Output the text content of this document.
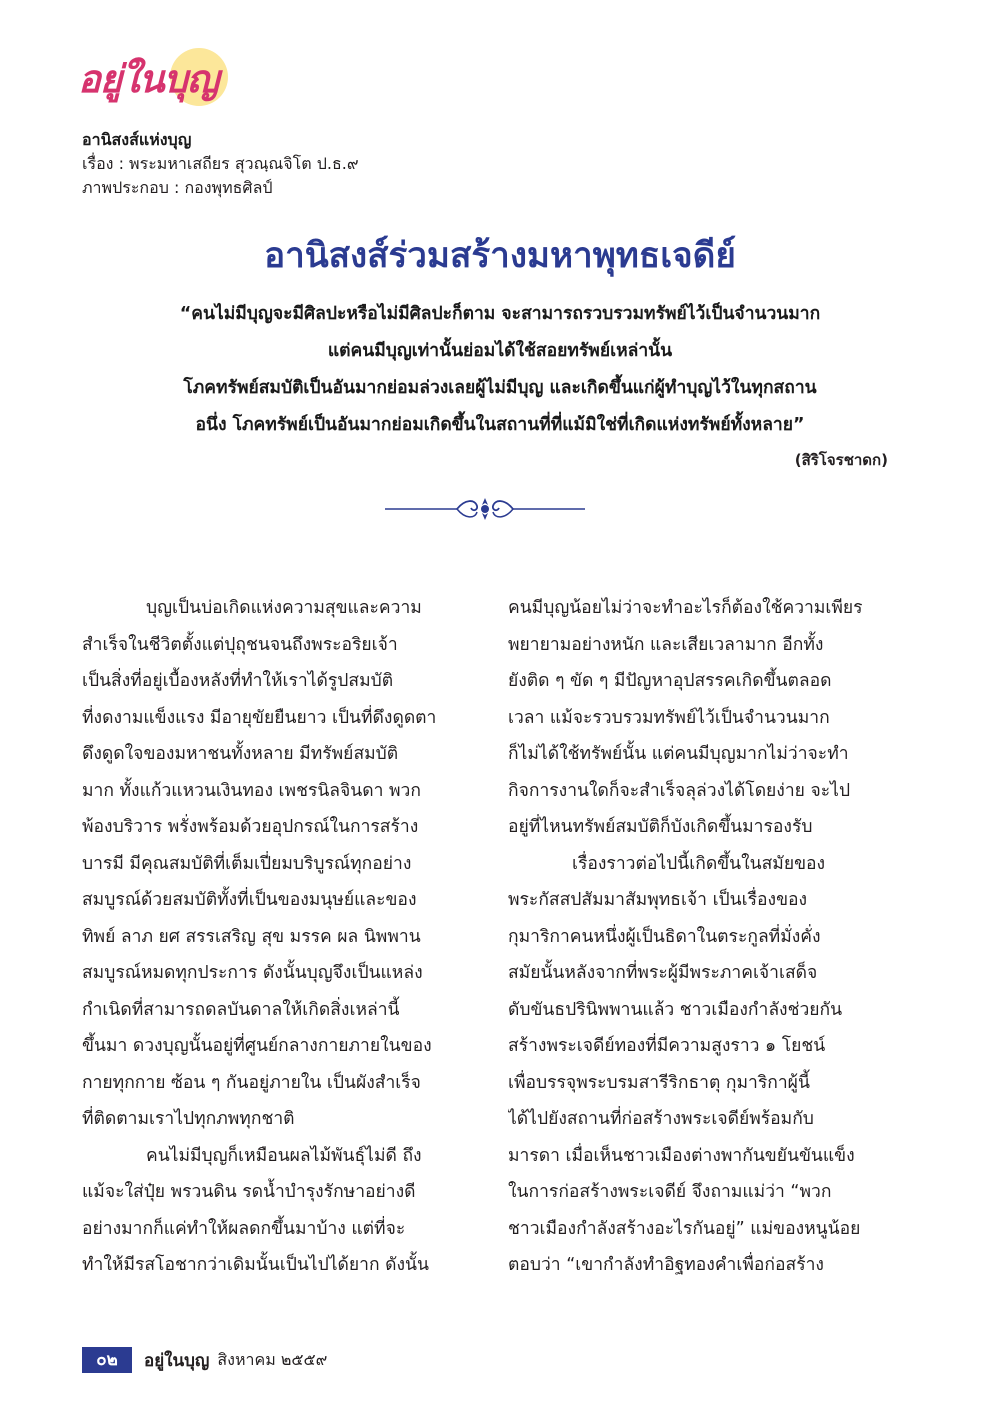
อยู่ในบุญ
อานิสงส์แห่งบุญ
เรื่อง : พระมหาเสถียร สุวณฺณจิโต ป.ธ.๙
ภาพประกอบ : กองพุทธศิลป์
อานิสงส์ร่วมสร้างมหาพุทธเจดีย์
“คนไม่มีบุญจะมีศิลปะหรือไม่มีศิลปะก็ตาม จะสามารถรวบรวมทรัพย์ไว้เป็นจำนวนมาก
แต่คนมีบุญเท่านั้นย่อมได้ใช้สอยทรัพย์เหล่านั้น
โภคทรัพย์สมบัติเป็นอันมากย่อมล่วงเลยผู้ไม่มีบุญ และเกิดขึ้นแก่ผู้ทำบุญไว้ในทุกสถาน
อนึ่ง โภคทรัพย์เป็นอันมากย่อมเกิดขึ้นในสถานที่ที่แม้มิใช่ที่เกิดแห่งทรัพย์ทั้งหลาย”
(สิริโจรชาดก)
บุญเป็นบ่อเกิดแห่งความสุขและความ
สำเร็จในชีวิตตั้งแต่ปุถุชนจนถึงพระอริยเจ้า
เป็นสิ่งที่อยู่เบื้องหลังที่ทำให้เราได้รูปสมบัติ
ที่งดงามแข็งแรง มีอายุขัยยืนยาว เป็นที่ดึงดูดตา
ดึงดูดใจของมหาชนทั้งหลาย มีทรัพย์สมบัติ
มาก ทั้งแก้วแหวนเงินทอง เพชรนิลจินดา พวก
พ้องบริวาร พรั่งพร้อมด้วยอุปกรณ์ในการสร้าง
บารมี มีคุณสมบัติที่เต็มเปี่ยมบริบูรณ์ทุกอย่าง
สมบูรณ์ด้วยสมบัติทั้งที่เป็นของมนุษย์และของ
ทิพย์ ลาภ ยศ สรรเสริญ สุข มรรค ผล นิพพาน
สมบูรณ์หมดทุกประการ ดังนั้นบุญจึงเป็นแหล่ง
กำเนิดที่สามารถดลบันดาลให้เกิดสิ่งเหล่านี้
ขึ้นมา ดวงบุญนั้นอยู่ที่ศูนย์กลางกายภายในของ
กายทุกกาย ซ้อน ๆ กันอยู่ภายใน เป็นผังสำเร็จ
ที่ติดตามเราไปทุกภพทุกชาติ
คนไม่มีบุญก็เหมือนผลไม้พันธุ์ไม่ดี ถึง
แม้จะใส่ปุ๋ย พรวนดิน รดน้ำบำรุงรักษาอย่างดี
อย่างมากก็แค่ทำให้ผลดกขึ้นมาบ้าง แต่ที่จะ
ทำให้มีรสโอชากว่าเดิมนั้นเป็นไปได้ยาก ดังนั้น
คนมีบุญน้อยไม่ว่าจะทำอะไรก็ต้องใช้ความเพียร
พยายามอย่างหนัก และเสียเวลามาก อีกทั้ง
ยังติด ๆ ขัด ๆ มีปัญหาอุปสรรคเกิดขึ้นตลอด
เวลา แม้จะรวบรวมทรัพย์ไว้เป็นจำนวนมาก
ก็ไม่ได้ใช้ทรัพย์นั้น แต่คนมีบุญมากไม่ว่าจะทำ
กิจการงานใดก็จะสำเร็จลุล่วงได้โดยง่าย จะไป
อยู่ที่ไหนทรัพย์สมบัติก็บังเกิดขึ้นมารองรับ
เรื่องราวต่อไปนี้เกิดขึ้นในสมัยของ
พระกัสสปสัมมาสัมพุทธเจ้า เป็นเรื่องของ
กุมาริกาคนหนึ่งผู้เป็นธิดาในตระกูลที่มั่งคั่ง
สมัยนั้นหลังจากที่พระผู้มีพระภาคเจ้าเสด็จ
ดับขันธปรินิพพานแล้ว ชาวเมืองกำลังช่วยกัน
สร้างพระเจดีย์ทองที่มีความสูงราว ๑ โยชน์
เพื่อบรรจุพระบรมสารีริกธาตุ กุมาริกาผู้นี้
ได้ไปยังสถานที่ก่อสร้างพระเจดีย์พร้อมกับ
มารดา เมื่อเห็นชาวเมืองต่างพากันขยันขันแข็ง
ในการก่อสร้างพระเจดีย์ จึงถามแม่ว่า “พวก
ชาวเมืองกำลังสร้างอะไรกันอยู่” แม่ของหนูน้อย
ตอบว่า “เขากำลังทำอิฐทองคำเพื่อก่อสร้าง
๐๒	อยู่ในบุญ สิงหาคม ๒๕๕๙
